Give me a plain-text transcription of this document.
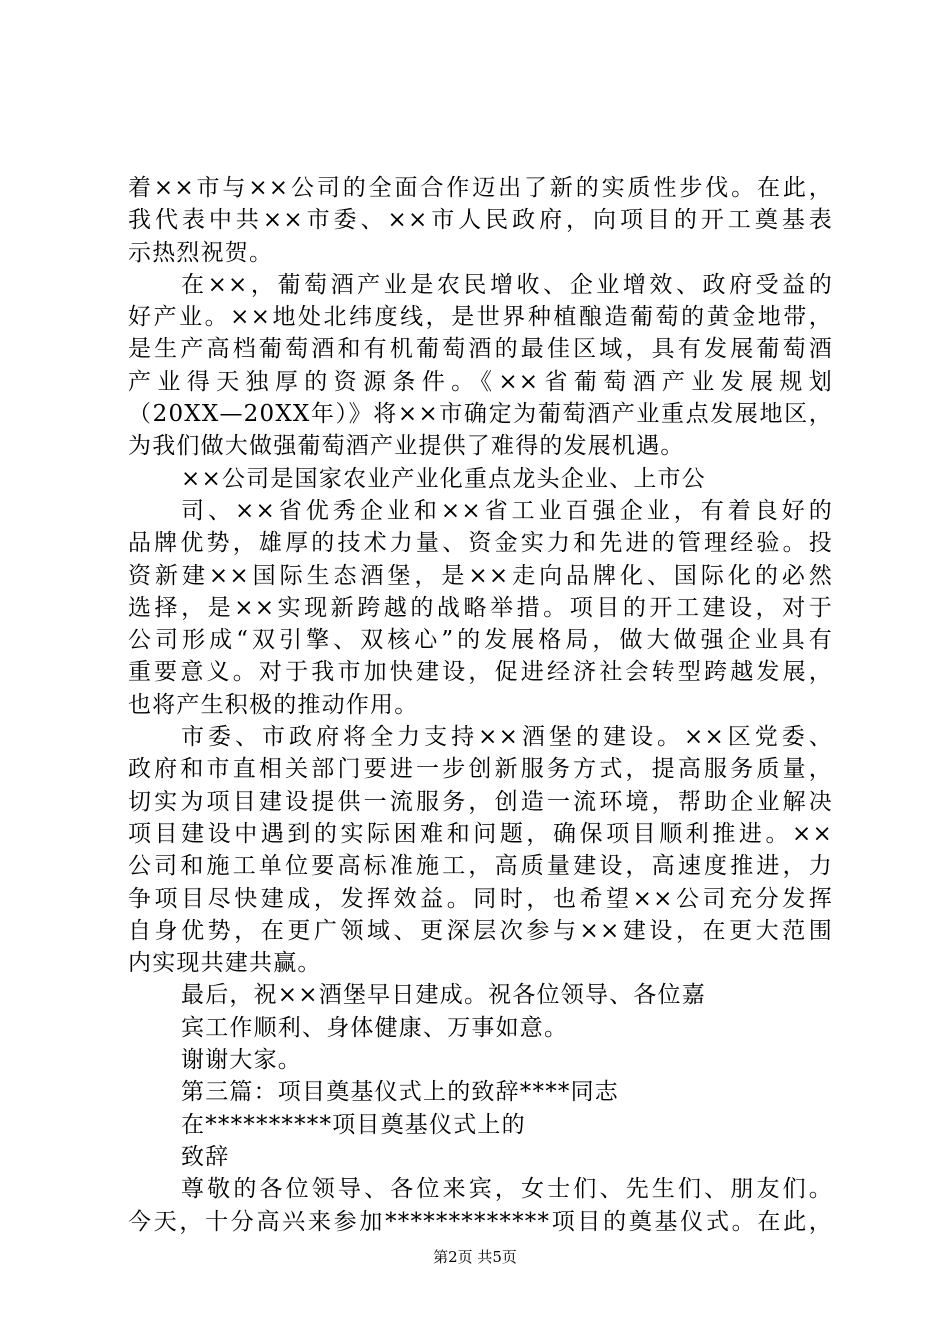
着××市与××公司的全面合作迈出了新的实质性步伐。在此，
我代表中共××市委、××市人民政府，向项目的开工奠基表
示热烈祝贺。
在××，葡萄酒产业是农民增收、企业增效、政府受益的
好产业。××地处北纬度线，是世界种植酿造葡萄的黄金地带，
是生产高档葡萄酒和有机葡萄酒的最佳区域，具有发展葡萄酒
产业得天独厚的资源条件。《××省葡萄酒产业发展规划
（20XX—20XX年）》将××市确定为葡萄酒产业重点发展地区，
为我们做大做强葡萄酒产业提供了难得的发展机遇。
××公司是国家农业产业化重点龙头企业、上市公
司、××省优秀企业和××省工业百强企业，有着良好的
品牌优势，雄厚的技术力量、资金实力和先进的管理经验。投
资新建××国际生态酒堡，是××走向品牌化、国际化的必然
选择，是××实现新跨越的战略举措。项目的开工建设，对于
公司形成“双引擎、双核心”的发展格局，做大做强企业具有
重要意义。对于我市加快建设，促进经济社会转型跨越发展，
也将产生积极的推动作用。
市委、市政府将全力支持××酒堡的建设。××区党委、
政府和市直相关部门要进一步创新服务方式，提高服务质量，
切实为项目建设提供一流服务，创造一流环境，帮助企业解决
项目建设中遇到的实际困难和问题，确保项目顺利推进。××
公司和施工单位要高标准施工，高质量建设，高速度推进，力
争项目尽快建成，发挥效益。同时，也希望××公司充分发挥
自身优势，在更广领域、更深层次参与××建设，在更大范围
内实现共建共赢。
最后，祝××酒堡早日建成。祝各位领导、各位嘉
宾工作顺利、身体健康、万事如意。
谢谢大家。
第三篇：项目奠基仪式上的致辞****同志
在**********项目奠基仪式上的
致辞
尊敬的各位领导、各位来宾，女士们、先生们、朋友们。
今天，十分高兴来参加*************项目的奠基仪式。在此，
第2页 共5页
